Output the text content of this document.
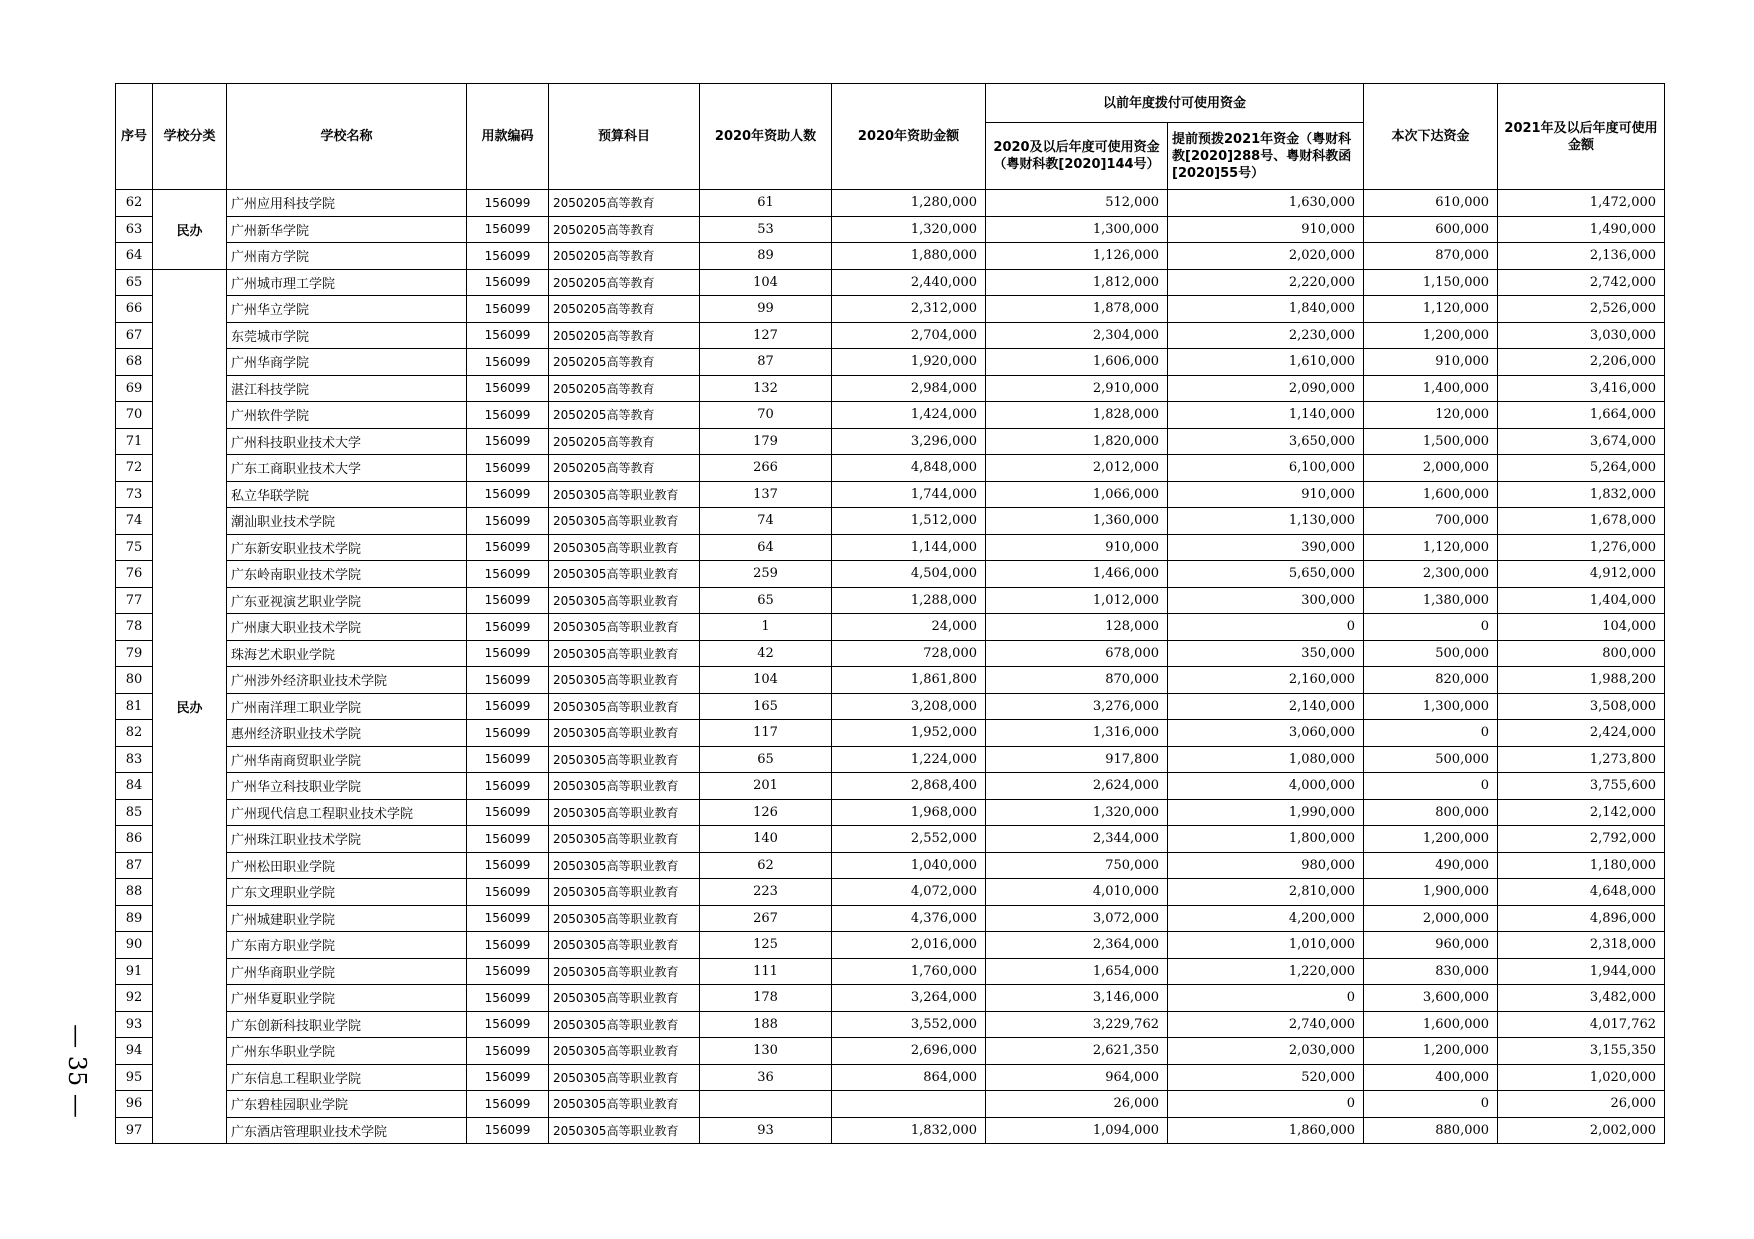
序号	学校分类	学校名称	用款编码	预算科目	2020年资助人数	2020年资助金额	以前年度拨付可使用资金		本次下达资金	2021年及以后年度可使用金额
							2020及以后年度可使用资金（粤财科教[2020]144号）	提前预拨2021年资金（粤财科教[2020]288号、粤财科教函[2020]55号）		
62	民办	广州应用科技学院	156099	2050205高等教育	61	1,280,000	512,000	1,630,000	610,000	1,472,000
63		广州新华学院	156099	2050205高等教育	53	1,320,000	1,300,000	910,000	600,000	1,490,000
64		广州南方学院	156099	2050205高等教育	89	1,880,000	1,126,000	2,020,000	870,000	2,136,000
65	民办	广州城市理工学院	156099	2050205高等教育	104	2,440,000	1,812,000	2,220,000	1,150,000	2,742,000
66		广州华立学院	156099	2050205高等教育	99	2,312,000	1,878,000	1,840,000	1,120,000	2,526,000
67		东莞城市学院	156099	2050205高等教育	127	2,704,000	2,304,000	2,230,000	1,200,000	3,030,000
68		广州华商学院	156099	2050205高等教育	87	1,920,000	1,606,000	1,610,000	910,000	2,206,000
69		湛江科技学院	156099	2050205高等教育	132	2,984,000	2,910,000	2,090,000	1,400,000	3,416,000
70		广州软件学院	156099	2050205高等教育	70	1,424,000	1,828,000	1,140,000	120,000	1,664,000
71		广州科技职业技术大学	156099	2050205高等教育	179	3,296,000	1,820,000	3,650,000	1,500,000	3,674,000
72		广东工商职业技术大学	156099	2050205高等教育	266	4,848,000	2,012,000	6,100,000	2,000,000	5,264,000
73		私立华联学院	156099	2050305高等职业教育	137	1,744,000	1,066,000	910,000	1,600,000	1,832,000
74		潮汕职业技术学院	156099	2050305高等职业教育	74	1,512,000	1,360,000	1,130,000	700,000	1,678,000
75		广东新安职业技术学院	156099	2050305高等职业教育	64	1,144,000	910,000	390,000	1,120,000	1,276,000
76		广东岭南职业技术学院	156099	2050305高等职业教育	259	4,504,000	1,466,000	5,650,000	2,300,000	4,912,000
77		广东亚视演艺职业学院	156099	2050305高等职业教育	65	1,288,000	1,012,000	300,000	1,380,000	1,404,000
78		广州康大职业技术学院	156099	2050305高等职业教育	1	24,000	128,000	0	0	104,000
79		珠海艺术职业学院	156099	2050305高等职业教育	42	728,000	678,000	350,000	500,000	800,000
80		广州涉外经济职业技术学院	156099	2050305高等职业教育	104	1,861,800	870,000	2,160,000	820,000	1,988,200
81		广州南洋理工职业学院	156099	2050305高等职业教育	165	3,208,000	3,276,000	2,140,000	1,300,000	3,508,000
82		惠州经济职业技术学院	156099	2050305高等职业教育	117	1,952,000	1,316,000	3,060,000	0	2,424,000
83		广州华南商贸职业学院	156099	2050305高等职业教育	65	1,224,000	917,800	1,080,000	500,000	1,273,800
84		广州华立科技职业学院	156099	2050305高等职业教育	201	2,868,400	2,624,000	4,000,000	0	3,755,600
85		广州现代信息工程职业技术学院	156099	2050305高等职业教育	126	1,968,000	1,320,000	1,990,000	800,000	2,142,000
86		广州珠江职业技术学院	156099	2050305高等职业教育	140	2,552,000	2,344,000	1,800,000	1,200,000	2,792,000
87		广州松田职业学院	156099	2050305高等职业教育	62	1,040,000	750,000	980,000	490,000	1,180,000
88		广东文理职业学院	156099	2050305高等职业教育	223	4,072,000	4,010,000	2,810,000	1,900,000	4,648,000
89		广州城建职业学院	156099	2050305高等职业教育	267	4,376,000	3,072,000	4,200,000	2,000,000	4,896,000
90		广东南方职业学院	156099	2050305高等职业教育	125	2,016,000	2,364,000	1,010,000	960,000	2,318,000
91		广州华商职业学院	156099	2050305高等职业教育	111	1,760,000	1,654,000	1,220,000	830,000	1,944,000
92		广州华夏职业学院	156099	2050305高等职业教育	178	3,264,000	3,146,000	0	3,600,000	3,482,000
93		广东创新科技职业学院	156099	2050305高等职业教育	188	3,552,000	3,229,762	2,740,000	1,600,000	4,017,762
94		广州东华职业学院	156099	2050305高等职业教育	130	2,696,000	2,621,350	2,030,000	1,200,000	3,155,350
95		广东信息工程职业学院	156099	2050305高等职业教育	36	864,000	964,000	520,000	400,000	1,020,000
96		广东碧桂园职业学院	156099	2050305高等职业教育			26,000	0	0	26,000
97		广东酒店管理职业技术学院	156099	2050305高等职业教育	93	1,832,000	1,094,000	1,860,000	880,000	2,002,000
— 35 —
